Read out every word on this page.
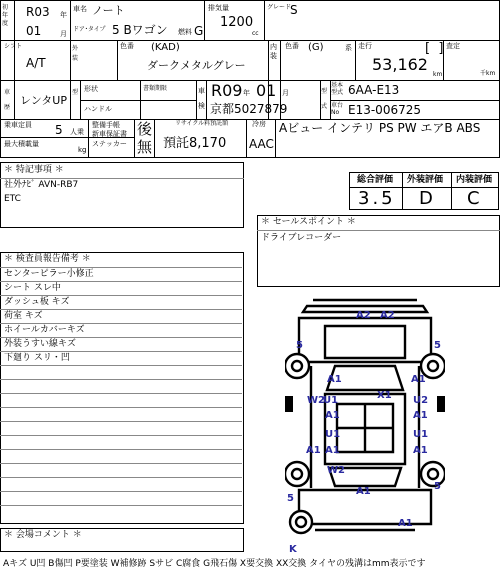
初年度
R03 年
01	月
車名 ノート
ドア･タイプ 5 Bワゴン 燃料 G
排気量
1200
cc
グレード
S
シフト
A/T
外装
色番 (KAD)
ダークメタルグレー
内装
色番 (G)	系 走行	[  ]
53,162
km
査定
千km
車歴
レンタUP
型 形状
ハンドル
書類期限	車検
R09 年 01 月
京都5027879
型式
基本型式 6AA-E13
車台No E13-006725
乗車定員 5 人乗
最大積載量
kg
整備手帳
新車保証書
ステッカー
後
無
リサイクル料預託額
預託8,170
冷房
AAC
Aビュー インテリ PS PW エアB ABS
＊ 特記事項 ＊
社外ﾅﾋﾞ AVN-RB7
ETC
総合評価 外装評価 内装評価
3.5 D C
＊ セールスポイント ＊
ドライブレコーダー
＊ 検査員報告備考 ＊
センターピラー小修正
シート スレ中
ダッシュ板 キズ
荷室 キズ
ホイールカバーキズ
外装うすい線キズ
下廻り スリ・凹
A2 A2
5	5
A1	A1
W2
U1	X1 U2
A1	A1
U1	U1
A1 A1	A1
W2
A1
5
5
A1
K
＊ 会場コメント ＊
Aキズ U凹 B傷凹 P要塗装 W補修跡 Sサビ C腐食 G飛石傷 X要交換 XX交換 タイヤの残溝はmm表示です
